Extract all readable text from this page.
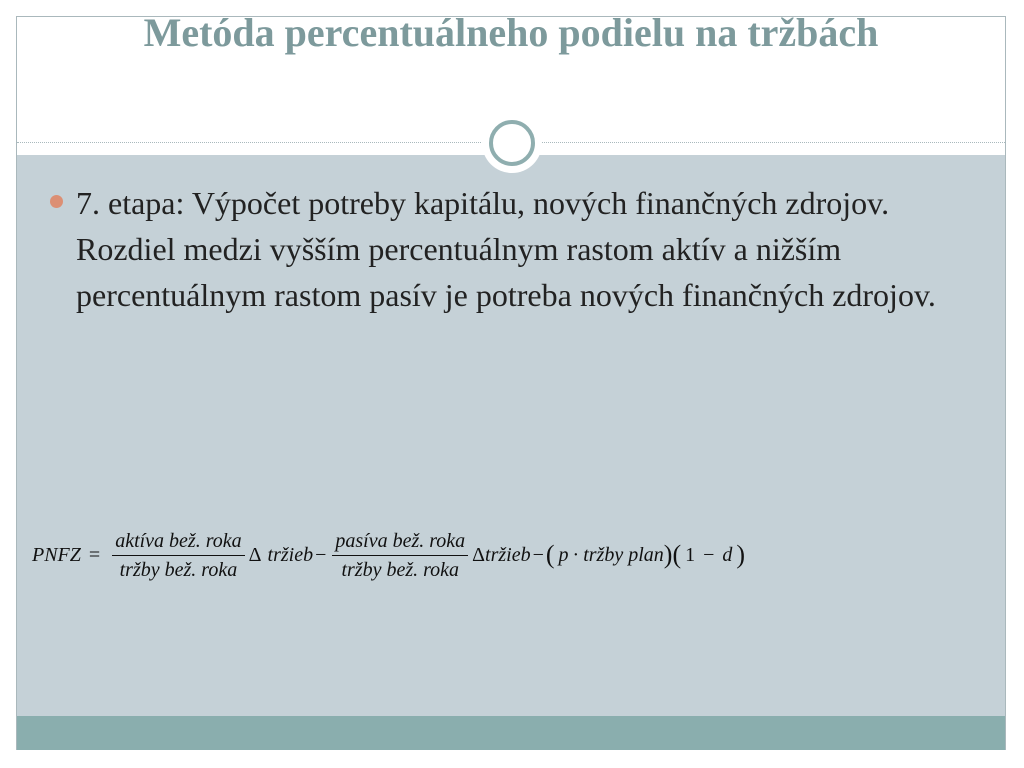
Metóda percentuálneho podielu na tržbách
7. etapa: Výpočet potreby kapitálu, nových finančných zdrojov. Rozdiel medzi vyšším percentuálnym rastom aktív a nižším percentuálnym rastom pasív je potreba nových finančných zdrojov.
PNFZ = $\frac{\text{aktíva bež. roka}}{\text{tržby bež. roka}}$ Δ tržieb − $\frac{\text{pasíva bež. roka}}{\text{tržby bež. roka}}$ Δ tržieb − ( p · tržby plan ) ( 1 − d )
